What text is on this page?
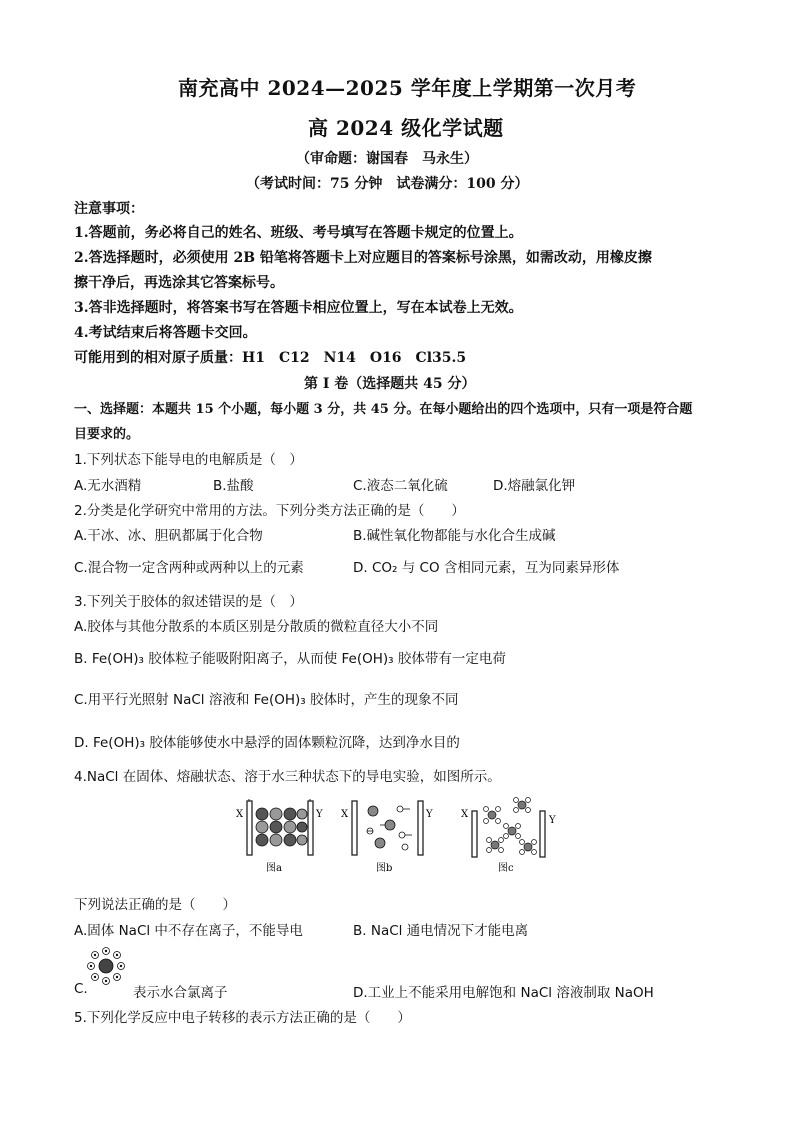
南充高中 2024—2025 学年度上学期第一次月考
高 2024 级化学试题
（审命题：谢国春　马永生）
（考试时间：75 分钟　试卷满分：100 分）
注意事项：
1.答题前，务必将自己的姓名、班级、考号填写在答题卡规定的位置上。
2.答选择题时，必须使用 2B 铅笔将答题卡上对应题目的答案标号涂黑，如需改动，用橡皮擦
擦干净后，再选涂其它答案标号。
3.答非选择题时，将答案书写在答题卡相应位置上，写在本试卷上无效。
4.考试结束后将答题卡交回。
可能用到的相对原子质量：H1　C12　N14　O16　Cl35.5
第 I 卷（选择题共 45 分）
一、选择题：本题共 15 个小题，每小题 3 分，共 45 分。在每小题给出的四个选项中，只有一项是符合题
目要求的。
1.下列状态下能导电的电解质是（　）
A.无水酒精	B.盐酸	C.液态二氧化硫	D.熔融氯化钾
2.分类是化学研究中常用的方法。下列分类方法正确的是（　　）
A.干冰、冰、胆矾都属于化合物	B.碱性氧化物都能与水化合生成碱
C.混合物一定含两种或两种以上的元素	D. CO₂ 与 CO 含相同元素，互为同素异形体
3.下列关于胶体的叙述错误的是（　）
A.胶体与其他分散系的本质区别是分散质的微粒直径大小不同
B. Fe(OH)₃ 胶体粒子能吸附阳离子，从而使 Fe(OH)₃ 胶体带有一定电荷
C.用平行光照射 NaCl 溶液和 Fe(OH)₃ 胶体时，产生的现象不同
D. Fe(OH)₃ 胶体能够使水中悬浮的固体颗粒沉降，达到净水目的
4.NaCl 在固体、熔融状态、溶于水三种状态下的导电实验，如图所示。
X	Y
图a
X	Y
图b
X
Y
图c
下列说法正确的是（　　）
A.固体 NaCl 中不存在离子，不能导电	B. NaCl 通电情况下才能电离
C.	表示水合氯离子	D.工业上不能采用电解饱和 NaCl 溶液制取 NaOH
5.下列化学反应中电子转移的表示方法正确的是（　　）
